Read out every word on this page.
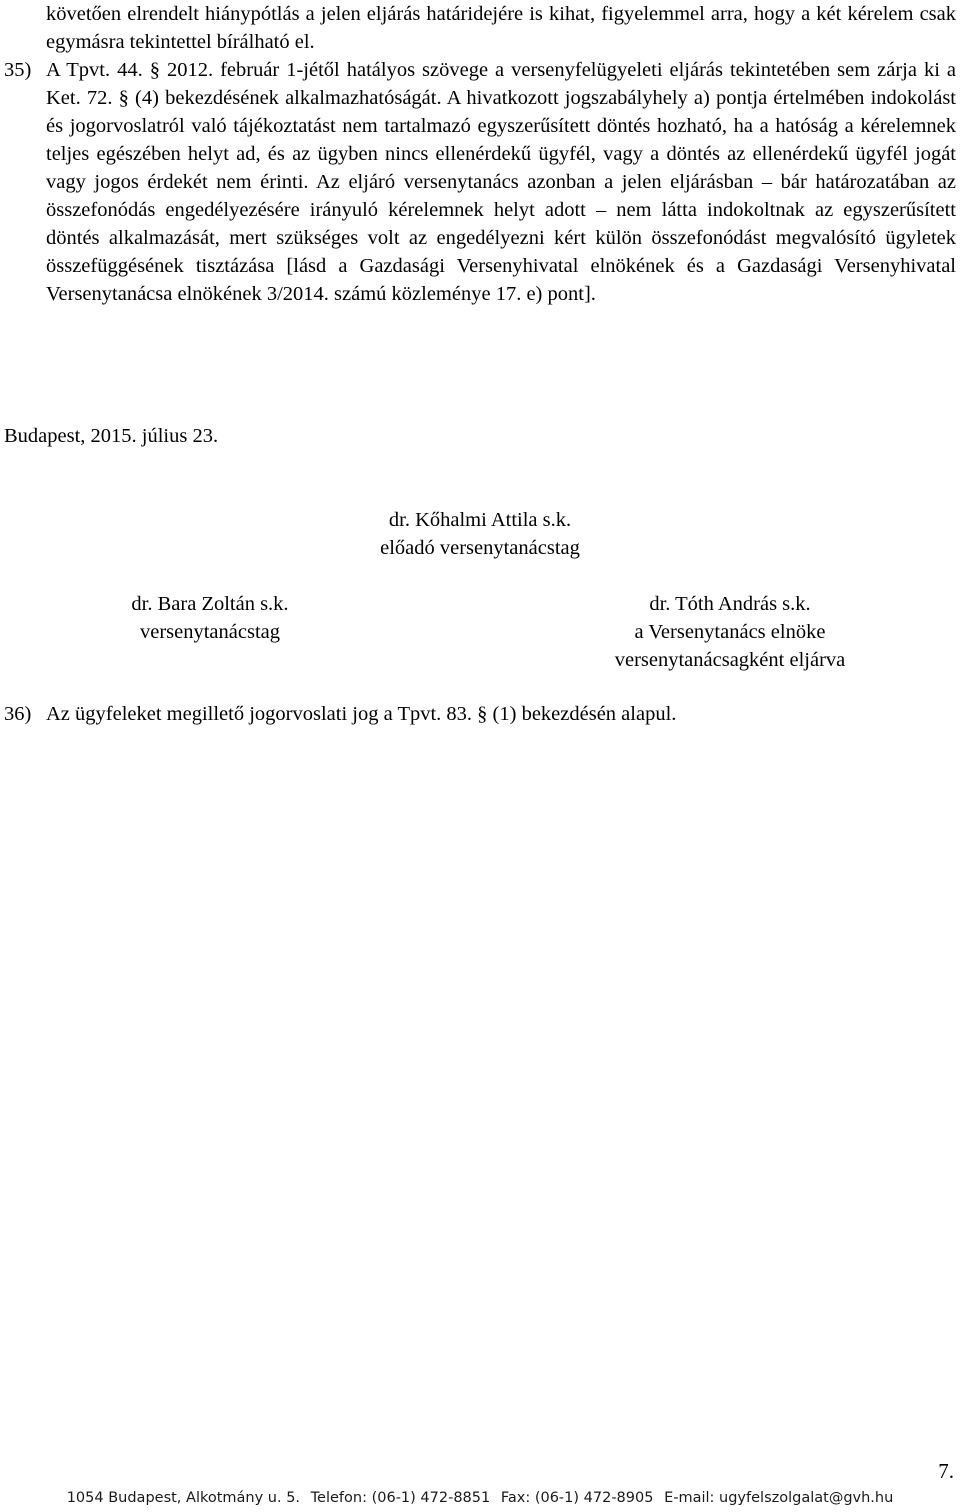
követően elrendelt hiánypótlás a jelen eljárás határidejére is kihat, figyelemmel arra, hogy a két kérelem csak egymásra tekintettel bírálható el.

35) A Tpvt. 44. § 2012. február 1-jétől hatályos szövege a versenyfelügyeleti eljárás tekintetében sem zárja ki a Ket. 72. § (4) bekezdésének alkalmazhatóságát. A hivatkozott jogszabályhely a) pontja értelmében indokolást és jogorvoslatról való tájékoztatást nem tartalmazó egyszerűsített döntés hozható, ha a hatóság a kérelemnek teljes egészében helyt ad, és az ügyben nincs ellenérdekű ügyfél, vagy a döntés az ellenérdekű ügyfél jogát vagy jogos érdekét nem érinti. Az eljáró versenytanács azonban a jelen eljárásban – bár határozatában az összefonódás engedélyezésére irányuló kérelemnek helyt adott – nem látta indokoltnak az egyszerűsített döntés alkalmazását, mert szükséges volt az engedélyezni kért külön összefonódást megvalósító ügyletek összefüggésének tisztázása [lásd a Gazdasági Versenyhivatal elnökének és a Gazdasági Versenyhivatal Versenytanácsa elnökének 3/2014. számú közleménye 17. e) pont].
36) Az ügyfeleket megillető jogorvoslati jog a Tpvt. 83. § (1) bekezdésén alapul.

Budapest, 2015. július 23.

dr. Kőhalmi Attila s.k.
előadó versenytanácstag
dr. Bara Zoltán s.k.
versenytanácstag
dr. Tóth András s.k.
a Versenytanács elnöke
versenytanácsagként eljárva
7.
1054 Budapest, Alkotmány u. 5. Telefon: (06-1) 472-8851 Fax: (06-1) 472-8905 E-mail: ugyfelszolgalat@gvh.hu
